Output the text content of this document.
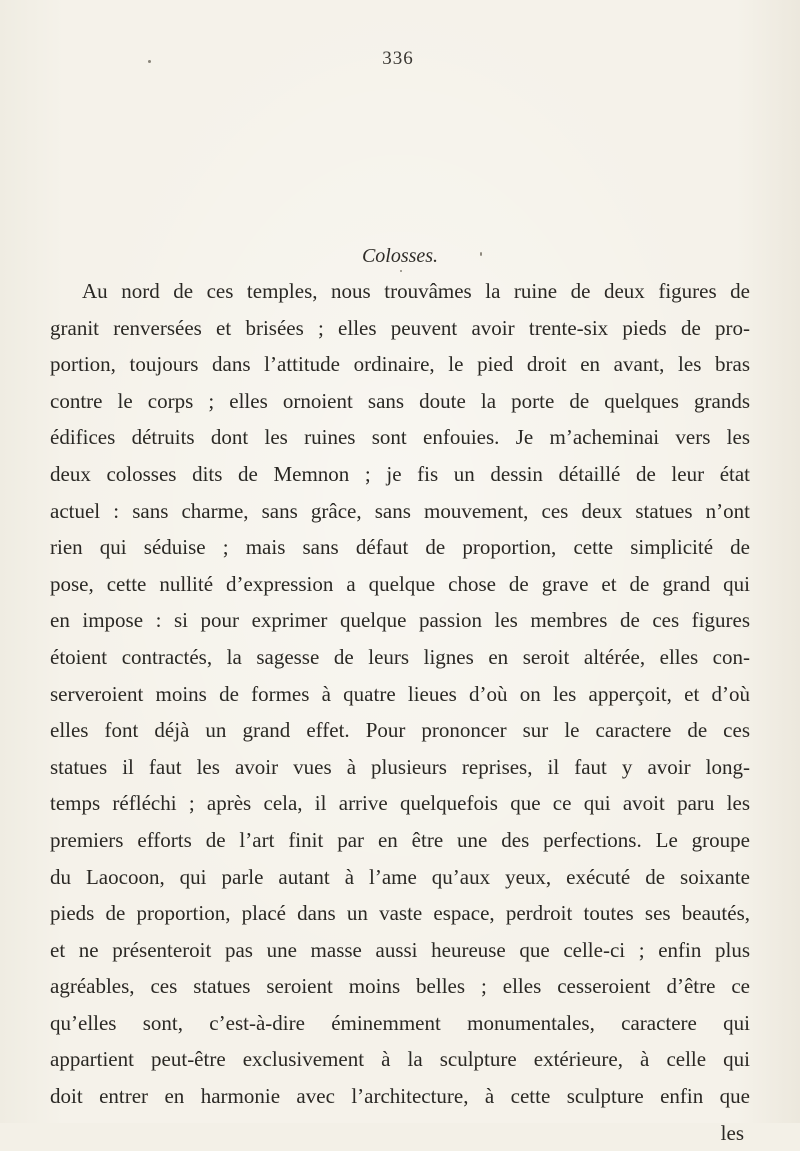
336
Colosses.
Au nord de ces temples, nous trouvâmes la ruine de deux figures de
granit renversées et brisées ; elles peuvent avoir trente-six pieds de pro-
portion, toujours dans l’attitude ordinaire, le pied droit en avant, les bras
contre le corps ; elles ornoient sans doute la porte de quelques grands
édifices détruits dont les ruines sont enfouies. Je m’acheminai vers les
deux colosses dits de Memnon ; je fis un dessin détaillé de leur état
actuel : sans charme, sans grâce, sans mouvement, ces deux statues n’ont
rien qui séduise ; mais sans défaut de proportion, cette simplicité de
pose, cette nullité d’expression a quelque chose de grave et de grand qui
en impose : si pour exprimer quelque passion les membres de ces figures
étoient contractés, la sagesse de leurs lignes en seroit altérée, elles con-
serveroient moins de formes à quatre lieues d’où on les apperçoit, et d’où
elles font déjà un grand effet. Pour prononcer sur le caractere de ces
statues il faut les avoir vues à plusieurs reprises, il faut y avoir long-
temps réfléchi ; après cela, il arrive quelquefois que ce qui avoit paru les
premiers efforts de l’art finit par en être une des perfections. Le groupe
du Laocoon, qui parle autant à l’ame qu’aux yeux, exécuté de soixante
pieds de proportion, placé dans un vaste espace, perdroit toutes ses beautés,
et ne présenteroit pas une masse aussi heureuse que celle-ci ; enfin plus
agréables, ces statues seroient moins belles ; elles cesseroient d’être ce
qu’elles sont, c’est-à-dire éminemment monumentales, caractere qui
appartient peut-être exclusivement à la sculpture extérieure, à celle qui
doit entrer en harmonie avec l’architecture, à cette sculpture enfin que
les
